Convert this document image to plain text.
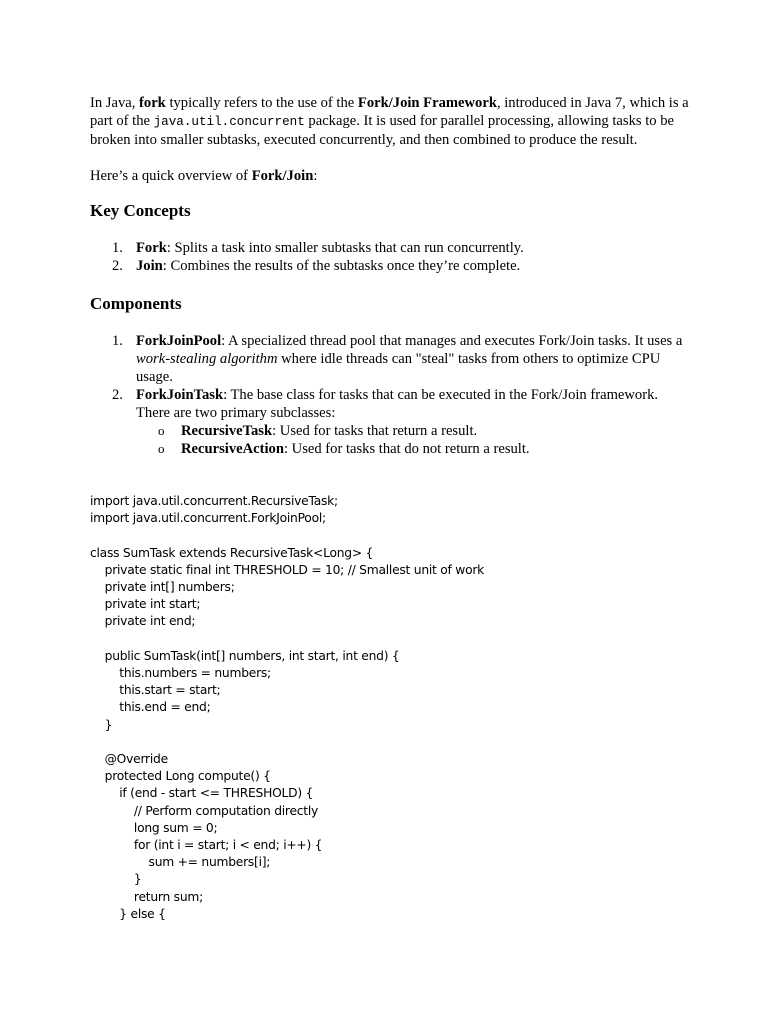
In Java, fork typically refers to the use of the Fork/Join Framework, introduced in Java 7, which is a part of the java.util.concurrent package. It is used for parallel processing, allowing tasks to be broken into smaller subtasks, executed concurrently, and then combined to produce the result.

Here’s a quick overview of Fork/Join:

Key Concepts
1. Fork: Splits a task into smaller subtasks that can run concurrently.
2. Join: Combines the results of the subtasks once they’re complete.
Components
1. ForkJoinPool: A specialized thread pool that manages and executes Fork/Join tasks. It uses a work-stealing algorithm where idle threads can "steal" tasks from others to optimize CPU usage.
2. ForkJoinTask: The base class for tasks that can be executed in the Fork/Join framework. There are two primary subclasses:
o RecursiveTask: Used for tasks that return a result.
o RecursiveAction: Used for tasks that do not return a result.
import java.util.concurrent.RecursiveTask;
import java.util.concurrent.ForkJoinPool;

class SumTask extends RecursiveTask<Long> {
private static final int THRESHOLD = 10; // Smallest unit of work
private int[] numbers;
private int start;
private int end;

public SumTask(int[] numbers, int start, int end) {
this.numbers = numbers;
this.start = start;
this.end = end;
}

@Override
protected Long compute() {
if (end - start <= THRESHOLD) {
// Perform computation directly
long sum = 0;
for (int i = start; i < end; i++) {
sum += numbers[i];
}
return sum;
} else {
